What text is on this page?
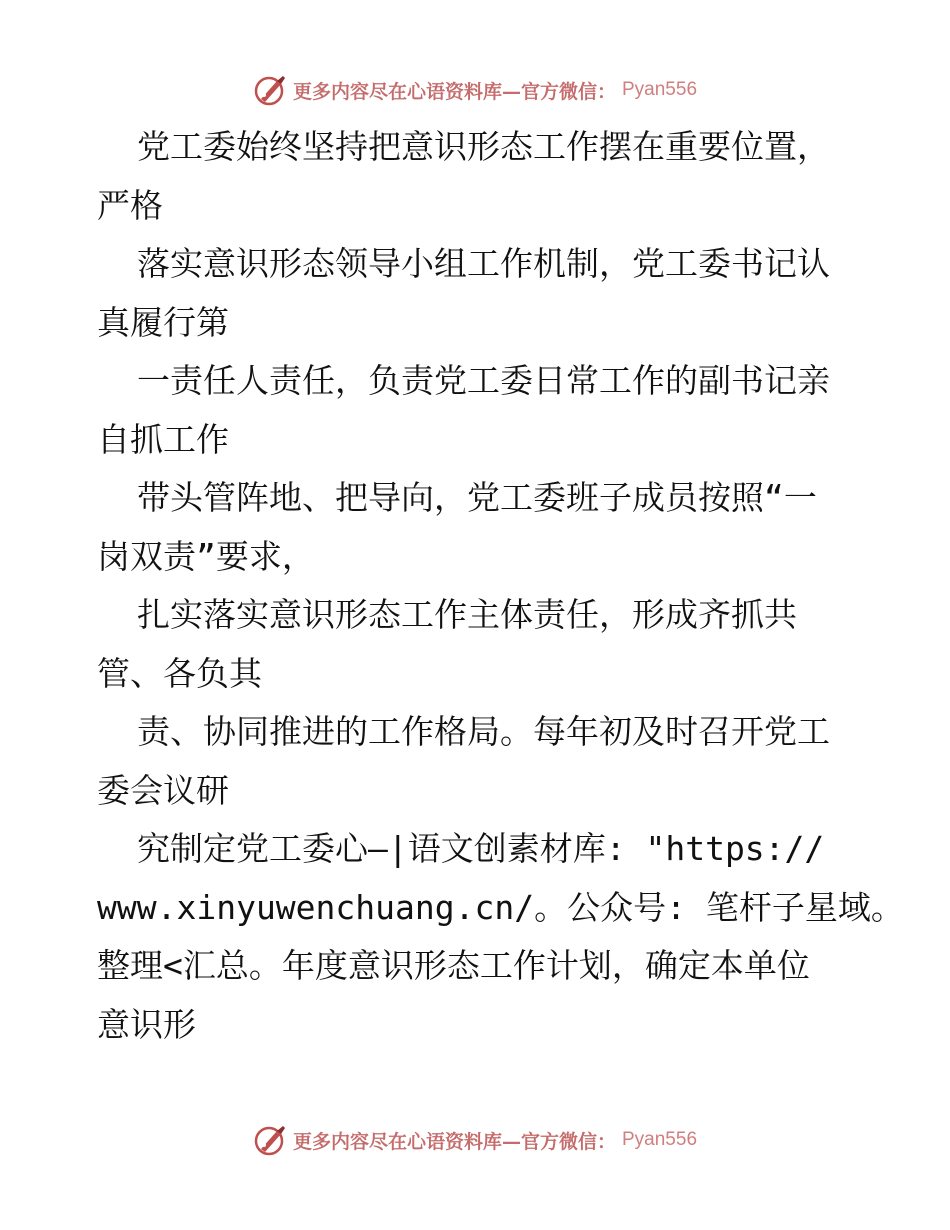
更多内容尽在心语资料库—官方微信： Pyan556
党工委始终坚持把意识形态工作摆在重要位置，
严格
落实意识形态领导小组工作机制，党工委书记认
真履行第
一责任人责任，负责党工委日常工作的副书记亲
自抓工作
带头管阵地、把导向，党工委班子成员按照“一
岗双责”要求，
扎实落实意识形态工作主体责任，形成齐抓共
管、各负其
责、协同推进的工作格局。每年初及时召开党工
委会议研
究制定党工委心—|语文创素材库: "https://
www.xinyuwenchuang.cn/。公众号: 笔杆子星域。
整理<汇总。年度意识形态工作计划，确定本单位
意识形
更多内容尽在心语资料库—官方微信： Pyan556
